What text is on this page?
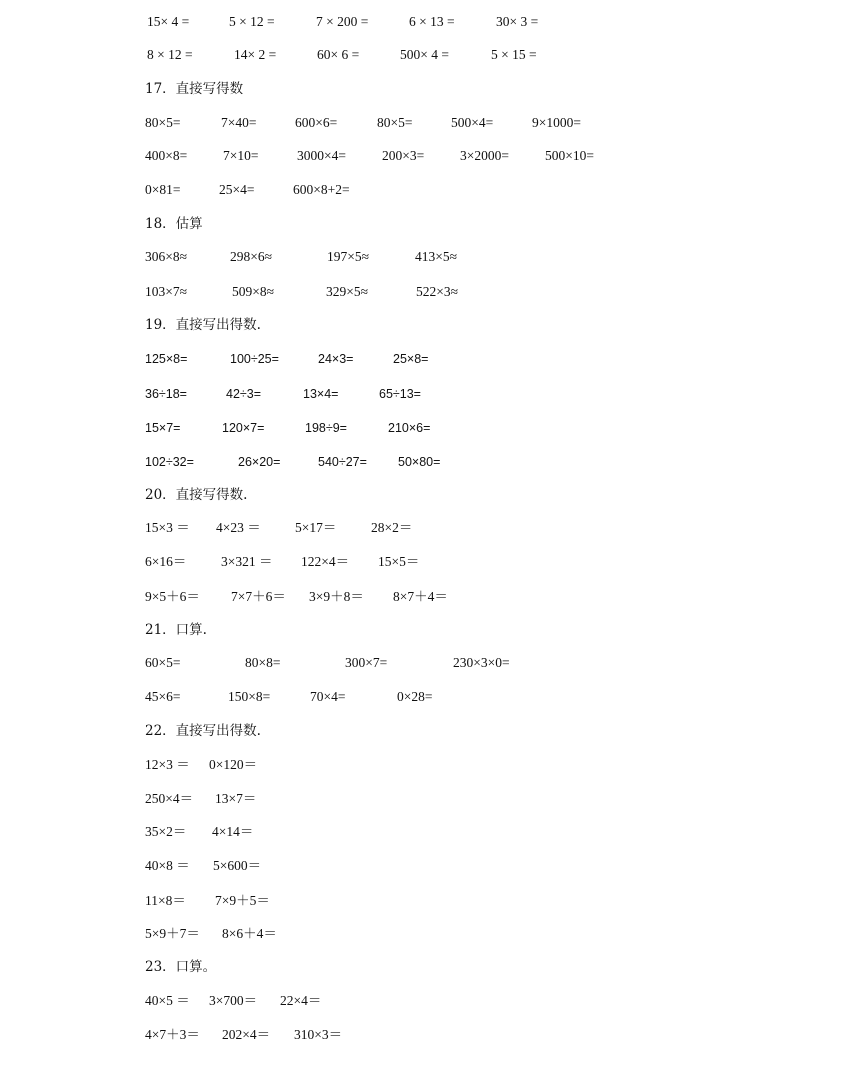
15× 4 =	5 × 12 =	7 × 200 =	6 × 13 =	30× 3 =
8 × 12 =	14× 2 =	60× 6 =	500× 4 =	5 × 15 =
17．直接写得数
80×5=	7×40=	600×6=	80×5=	500×4=	9×1000=
400×8=	7×10=	3000×4=	200×3=	3×2000=	500×10=
0×81=	25×4=	600×8+2=
18．估算
306×8≈	298×6≈	197×5≈	413×5≈
103×7≈	509×8≈	329×5≈	522×3≈
19．直接写出得数.
125×8=	100÷25=	24×3=	25×8=
36÷18=	42÷3=	13×4=	65÷13=
15×7=	120×7=	198÷9=	210×6=
102÷32=	26×20=	540÷27= 50×80=
20．直接写得数.
15×3 ＝ 4×23 ＝	5×17＝	28×2＝
6×16＝	3×321 ＝ 122×4＝ 15×5＝
9×5＋6＝ 7×7＋6＝ 3×9＋8＝ 8×7＋4＝
21．口算.
60×5=	80×8=	300×7=	230×3×0=
45×6=	150×8=	70×4=	0×28=
22．直接写出得数.
12×3 ＝ 0×120＝
250×4＝ 13×7＝
35×2＝ 4×14＝
40×8 ＝ 5×600＝
11×8＝ 7×9＋5＝
5×9＋7＝ 8×6＋4＝
23．口算。
40×5 ＝ 3×700＝ 22×4＝
4×7＋3＝ 202×4＝ 310×3＝
